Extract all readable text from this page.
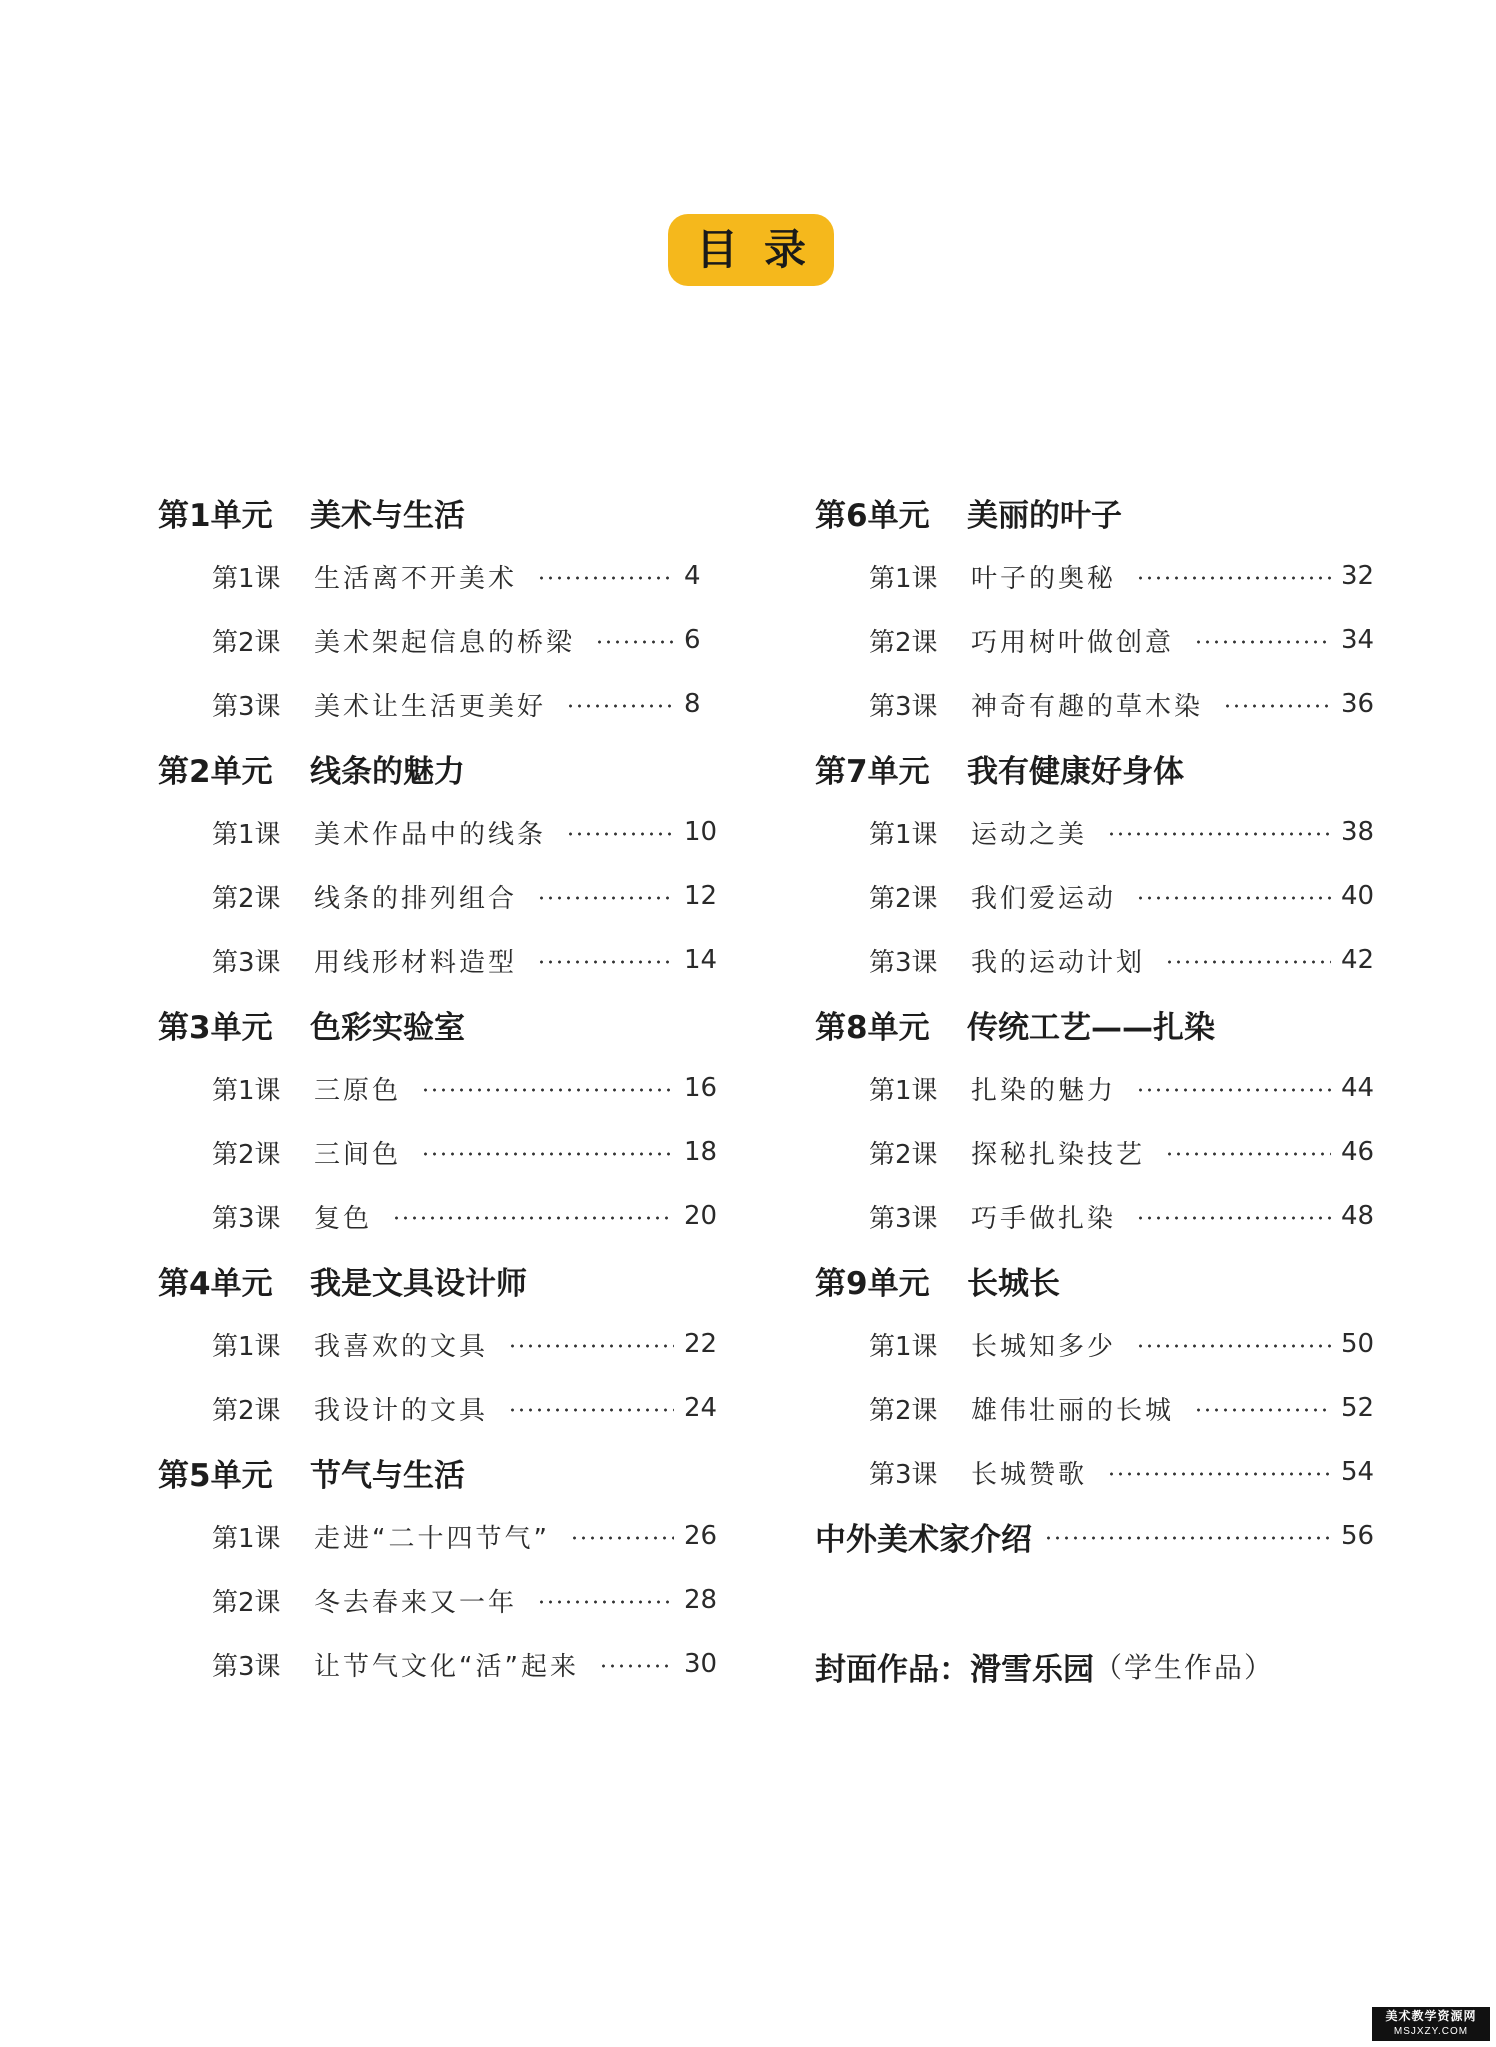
目录
第1单元	美术与生活
第1课	生活离不开美术	4
第2课	美术架起信息的桥梁	6
第3课	美术让生活更美好	8
第2单元	线条的魅力
第1课	美术作品中的线条	10
第2课	线条的排列组合	12
第3课	用线形材料造型	14
第3单元	色彩实验室
第1课	三原色	16
第2课	三间色	18
第3课	复色	20
第4单元	我是文具设计师
第1课	我喜欢的文具	22
第2课	我设计的文具	24
第5单元	节气与生活
第1课	走进“二十四节气”	26
第2课	冬去春来又一年	28
第3课	让节气文化“活”起来	30
第6单元	美丽的叶子
第1课	叶子的奥秘	32
第2课	巧用树叶做创意	34
第3课	神奇有趣的草木染	36
第7单元	我有健康好身体
第1课	运动之美	38
第2课	我们爱运动	40
第3课	我的运动计划	42
第8单元	传统工艺——扎染
第1课	扎染的魅力	44
第2课	探秘扎染技艺	46
第3课	巧手做扎染	48
第9单元	长城长
第1课	长城知多少	50
第2课	雄伟壮丽的长城	52
第3课	长城赞歌	54
中外美术家介绍	56
封面作品： 滑雪乐园 （学生作品）
美术教学资源网
MSJXZY.COM
